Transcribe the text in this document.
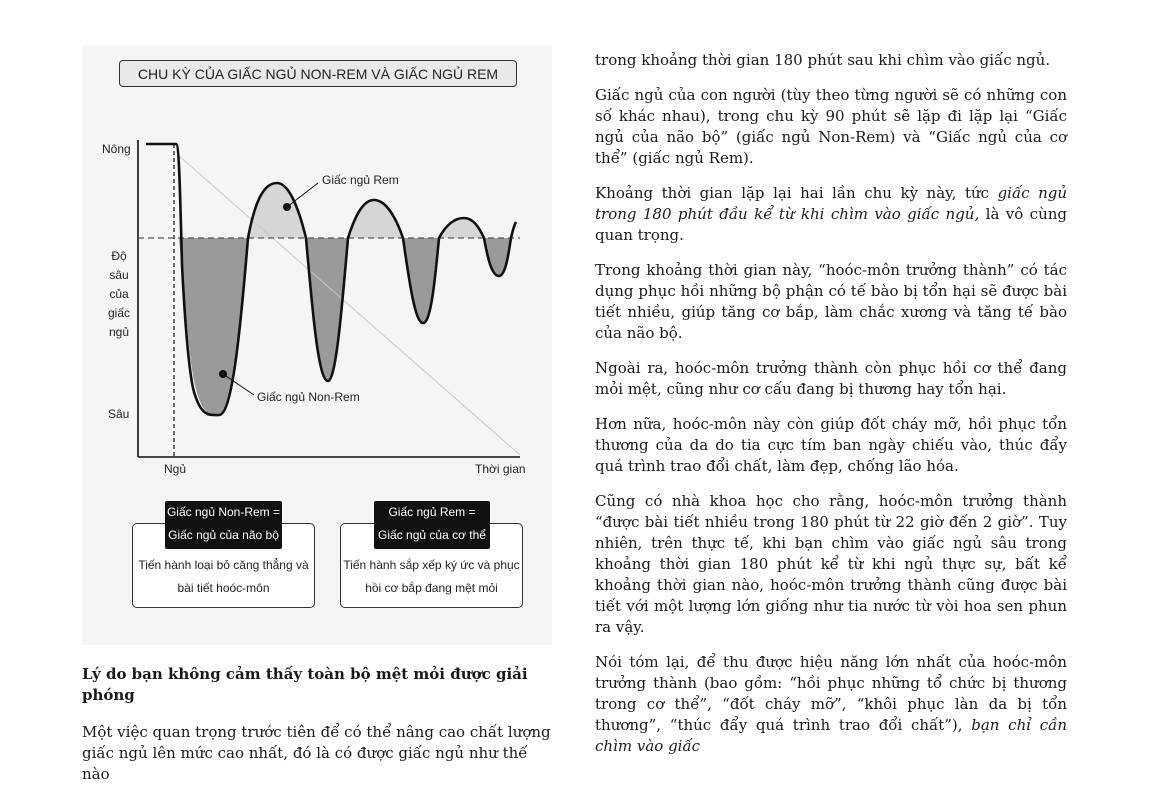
CHU KỲ CỦA GIẤC NGỦ NON-REM VÀ GIẤC NGỦ REM
Nông
Độ
sâu
của
giấc
ngủ
Sâu
Ngủ	Thời gian
Giấc ngủ Rem
Giấc ngủ Non-Rem
Tiến hành loại bỏ căng thẳng và
bài tiết hoóc-môn
Giấc ngủ Non-Rem =
Giấc ngủ của não bộ
Tiến hành sắp xếp ký ức và phục
hồi cơ bắp đang mệt mỏi
Giấc ngủ Rem =
Giấc ngủ của cơ thể
Lý do bạn không cảm thấy toàn bộ mệt mỏi được giải phóng

Một việc quan trọng trước tiên để có thể nâng cao chất lượng giấc ngủ lên mức cao nhất, đó là có được giấc ngủ như thế nào

trong khoảng thời gian 180 phút sau khi chìm vào giấc ngủ.

Giấc ngủ của con người (tùy theo từng người sẽ có những con số khác nhau), trong chu kỳ 90 phút sẽ lặp đi lặp lại “Giấc ngủ của não bộ” (giấc ngủ Non-Rem) và “Giấc ngủ của cơ thể” (giấc ngủ Rem).

Khoảng thời gian lặp lại hai lần chu kỳ này, tức giấc ngủ trong 180 phút đầu kể từ khi chìm vào giấc ngủ, là vô cùng quan trọng.

Trong khoảng thời gian này, “hoóc-môn trưởng thành” có tác dụng phục hồi những bộ phận có tế bào bị tổn hại sẽ được bài tiết nhiều, giúp tăng cơ bắp, làm chắc xương và tăng tế bào của não bộ.

Ngoài ra, hoóc-môn trưởng thành còn phục hồi cơ thể đang mỏi mệt, cũng như cơ cấu đang bị thương hay tổn hại.

Hơn nữa, hoóc-môn này còn giúp đốt cháy mỡ, hồi phục tổn thương của da do tia cực tím ban ngày chiếu vào, thúc đẩy quá trình trao đổi chất, làm đẹp, chống lão hóa.

Cũng có nhà khoa học cho rằng, hoóc-môn trưởng thành “được bài tiết nhiều trong 180 phút từ 22 giờ đến 2 giờ”. Tuy nhiên, trên thực tế, khi bạn chìm vào giấc ngủ sâu trong khoảng thời gian 180 phút kể từ khi ngủ thực sự, bất kể khoảng thời gian nào, hoóc-môn trưởng thành cũng được bài tiết với một lượng lớn giống như tia nước từ vòi hoa sen phun ra vậy.

Nói tóm lại, để thu được hiệu năng lớn nhất của hoóc-môn trưởng thành (bao gồm: “hồi phục những tổ chức bị thương trong cơ thể”, “đốt cháy mỡ”, “khôi phục làn da bị tổn thương”, “thúc đẩy quá trình trao đổi chất”), bạn chỉ cần chìm vào giấc
